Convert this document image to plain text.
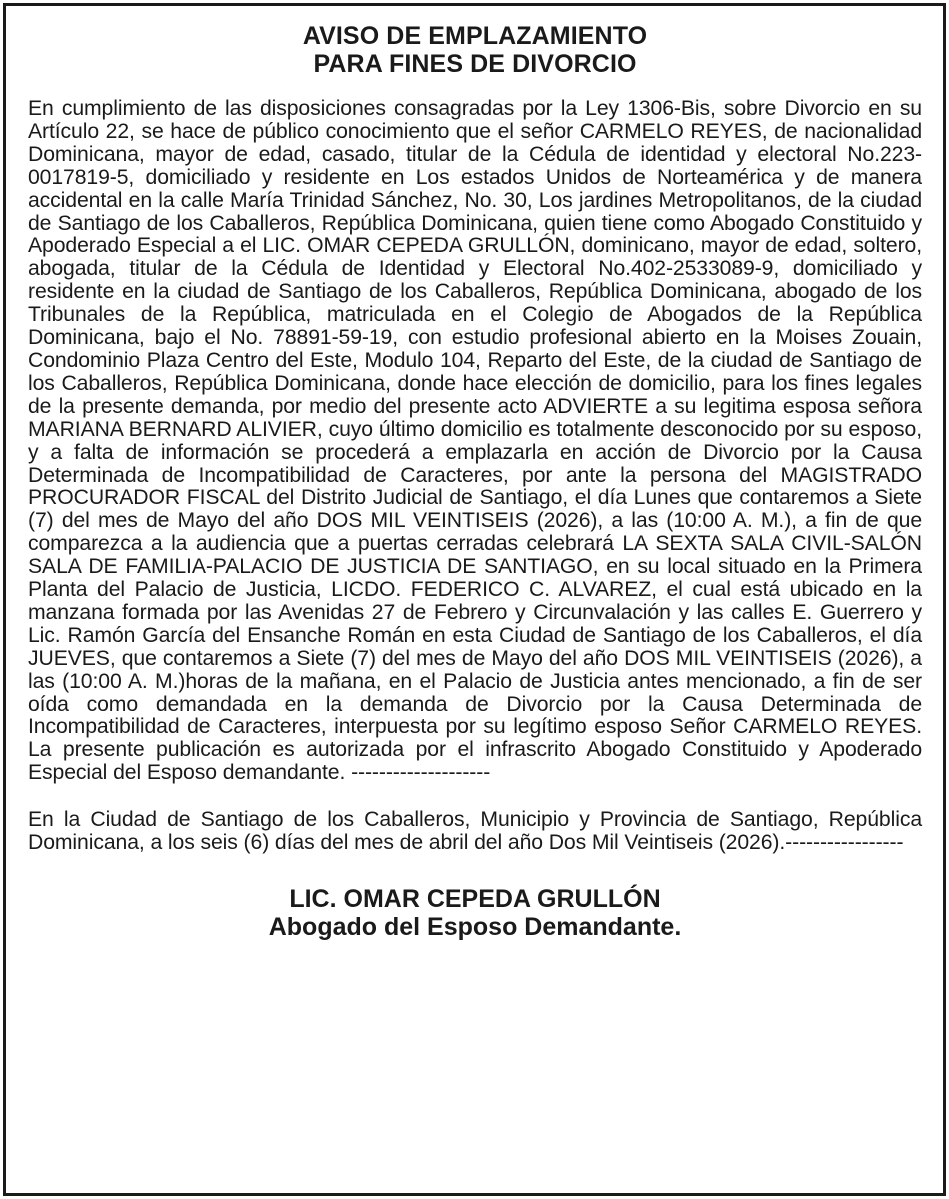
AVISO DE EMPLAZAMIENTO
PARA FINES DE DIVORCIO

En cumplimiento de las disposiciones consagradas por la Ley 1306-Bis, sobre Divorcio en su Artículo 22, se hace de público conocimiento que el señor CARMELO REYES, de nacionalidad Dominicana, mayor de edad, casado, titular de la Cédula de identidad y electoral No.223-0017819-5, domiciliado y residente en Los estados Unidos de Norteamérica y de manera accidental en la calle María Trinidad Sánchez, No. 30, Los jardines Metropolitanos, de la ciudad de Santiago de los Caballeros, República Dominicana, quien tiene como Abogado Constituido y Apoderado Especial a el LIC. OMAR CEPEDA GRULLÓN, dominicano, mayor de edad, soltero, abogada, titular de la Cédula de Identidad y Electoral No.402-2533089-9, domiciliado y residente en la ciudad de Santiago de los Caballeros, República Dominicana, abogado de los Tribunales de la República, matriculada en el Colegio de Abogados de la República Dominicana, bajo el No. 78891-59-19, con estudio profesional abierto en la Moises Zouain, Condominio Plaza Centro del Este, Modulo 104, Reparto del Este, de la ciudad de Santiago de los Caballeros, República Dominicana, donde hace elección de domicilio, para los fines legales de la presente demanda, por medio del presente acto ADVIERTE a su legitima esposa señora MARIANA BERNARD ALIVIER, cuyo último domicilio es totalmente desconocido por su esposo, y a falta de información se procederá a emplazarla en acción de Divorcio por la Causa Determinada de Incompatibilidad de Caracteres, por ante la persona del MAGISTRADO PROCURADOR FISCAL del Distrito Judicial de Santiago, el día Lunes que contaremos a Siete (7) del mes de Mayo del año DOS MIL VEINTISEIS (2026), a las (10:00 A. M.), a fin de que comparezca a la audiencia que a puertas cerradas celebrará LA SEXTA SALA CIVIL-SALÓN SALA DE FAMILIA-PALACIO DE JUSTICIA DE SANTIAGO, en su local situado en la Primera Planta del Palacio de Justicia, LICDO. FEDERICO C. ALVAREZ, el cual está ubicado en la manzana formada por las Avenidas 27 de Febrero y Circunvalación y las calles E. Guerrero y Lic. Ramón García del Ensanche Román en esta Ciudad de Santiago de los Caballeros, el día JUEVES, que contaremos a Siete (7) del mes de Mayo del año DOS MIL VEINTISEIS (2026), a las (10:00 A. M.)horas de la mañana, en el Palacio de Justicia antes mencionado, a fin de ser oída como demandada en la demanda de Divorcio por la Causa Determinada de Incompatibilidad de Caracteres, interpuesta por su legítimo esposo Señor CARMELO REYES. La presente publicación es autorizada por el infrascrito Abogado Constituido y Apoderado Especial del Esposo demandante. --------------------

En la Ciudad de Santiago de los Caballeros, Municipio y Provincia de Santiago, República Dominicana, a los seis (6) días del mes de abril del año Dos Mil Veintiseis (2026).-----------------

LIC. OMAR CEPEDA GRULLÓN
Abogado del Esposo Demandante.
